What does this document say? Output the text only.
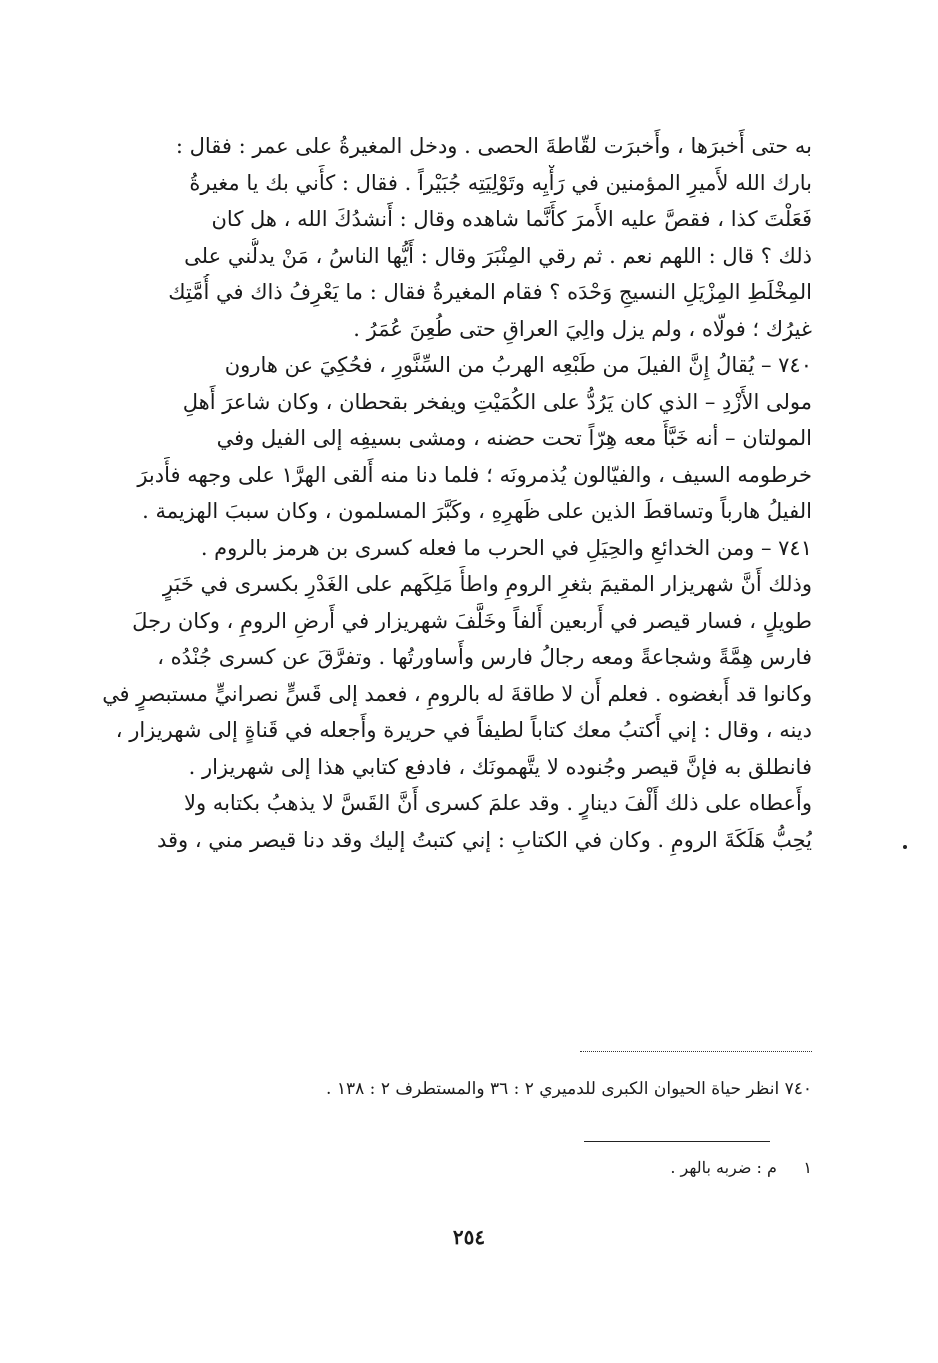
به حتى أَخبرَها ، وأَخبرَت لقّاطةَ الحصى . ودخل المغيرةُ على عمر : فقال :
بارك الله لأَميرِ المؤمنين في رَأْيِه وتَوْلِيَتِه جُبَيْراً . فقال : كأَني بك يا مغيرةُ
فَعَلْتَ كذا ، فقصَّ عليه الأَمرَ كأَنَّما شاهده وقال : أَنشدُكَ الله ، هل كان
ذلك ؟ قال : اللهم نعم . ثم رقي المِنْبَرَ وقال : أَيُّها الناسُ ، مَنْ يدلُّني على
المِخْلَطِ المِزْيَلِ النسيجِ وَحْدَه ؟ فقام المغيرةُ فقال : ما يَعْرِفُ ذاك في أُمَّتِك
غيرُك ؛ فولّاه ، ولم يزل والِيَ العراقِ حتى طُعِنَ عُمَرُ .
٧٤٠ – يُقالُ إِنَّ الفيلَ من طَبْعِه الهربُ من السِّنَّورِ ، فحُكِيَ عن هارون
مولى الأَزْدِ – الذي كان يَرُدُّ على الكُمَيْتِ ويفخر بقحطان ، وكان شاعرَ أَهلِ
المولتان – أنه خَبَّأَ معه هِرّاً تحت حضنه ، ومشى بسيفِه إلى الفيل وفي
خرطومه السيف ، والفيّالون يُذمرونَه ؛ فلما دنا منه أَلقى الهرَّ١ على وجهه فأَدبرَ
الفيلُ هارباً وتساقطَ الذين على ظَهرِهِ ، وكَبَّرَ المسلمون ، وكان سببَ الهزيمة .
٧٤١ – ومن الخدائعِ والحِيَلِ في الحرب ما فعله كسرى بن هرمز بالروم .
وذلك أَنَّ شهريزار المقيمَ بثغرِ الرومِ واطأَ مَلِكَهم على الغَدْرِ بكسرى في خَبَرٍ
طويلٍ ، فسار قيصر في أَربعين أَلفاً وخَلَّفَ شهريزار في أَرضِ الرومِ ، وكان رجلَ
فارس هِمَّةً وشجاعةً ومعه رجالُ فارس وأَساورتُها . وتفرَّقَ عن كسرى جُنْدُه ،
وكانوا قد أَبغضوه . فعلم أَن لا طاقةَ له بالرومِ ، فعمد إلى قَسٍّ نصرانيٍّ مستبصرٍ في
دينه ، وقال : إني أَكتبُ معك كتاباً لطيفاً في حريرة وأَجعله في قَناةٍ إلى شهريزار ،
فانطلق به فإنَّ قيصر وجُنوده لا يتَّهمونَك ، فادفع كتابي هذا إلى شهريزار .
وأَعطاه على ذلك أَلْفَ دينارٍ . وقد علمَ كسرى أَنَّ القَسَّ لا يذهبُ بكتابه ولا
يُحِبُّ هَلَكَةَ الرومِ . وكان في الكتابِ : إني كتبتُ إليك وقد دنا قيصر مني ، وقد
٧٤٠ انظر حياة الحيوان الكبرى للدميري ٢ : ٣٦ والمستطرف ٢ : ١٣٨ .
١ م : ضربه بالهر .
٢٥٤
